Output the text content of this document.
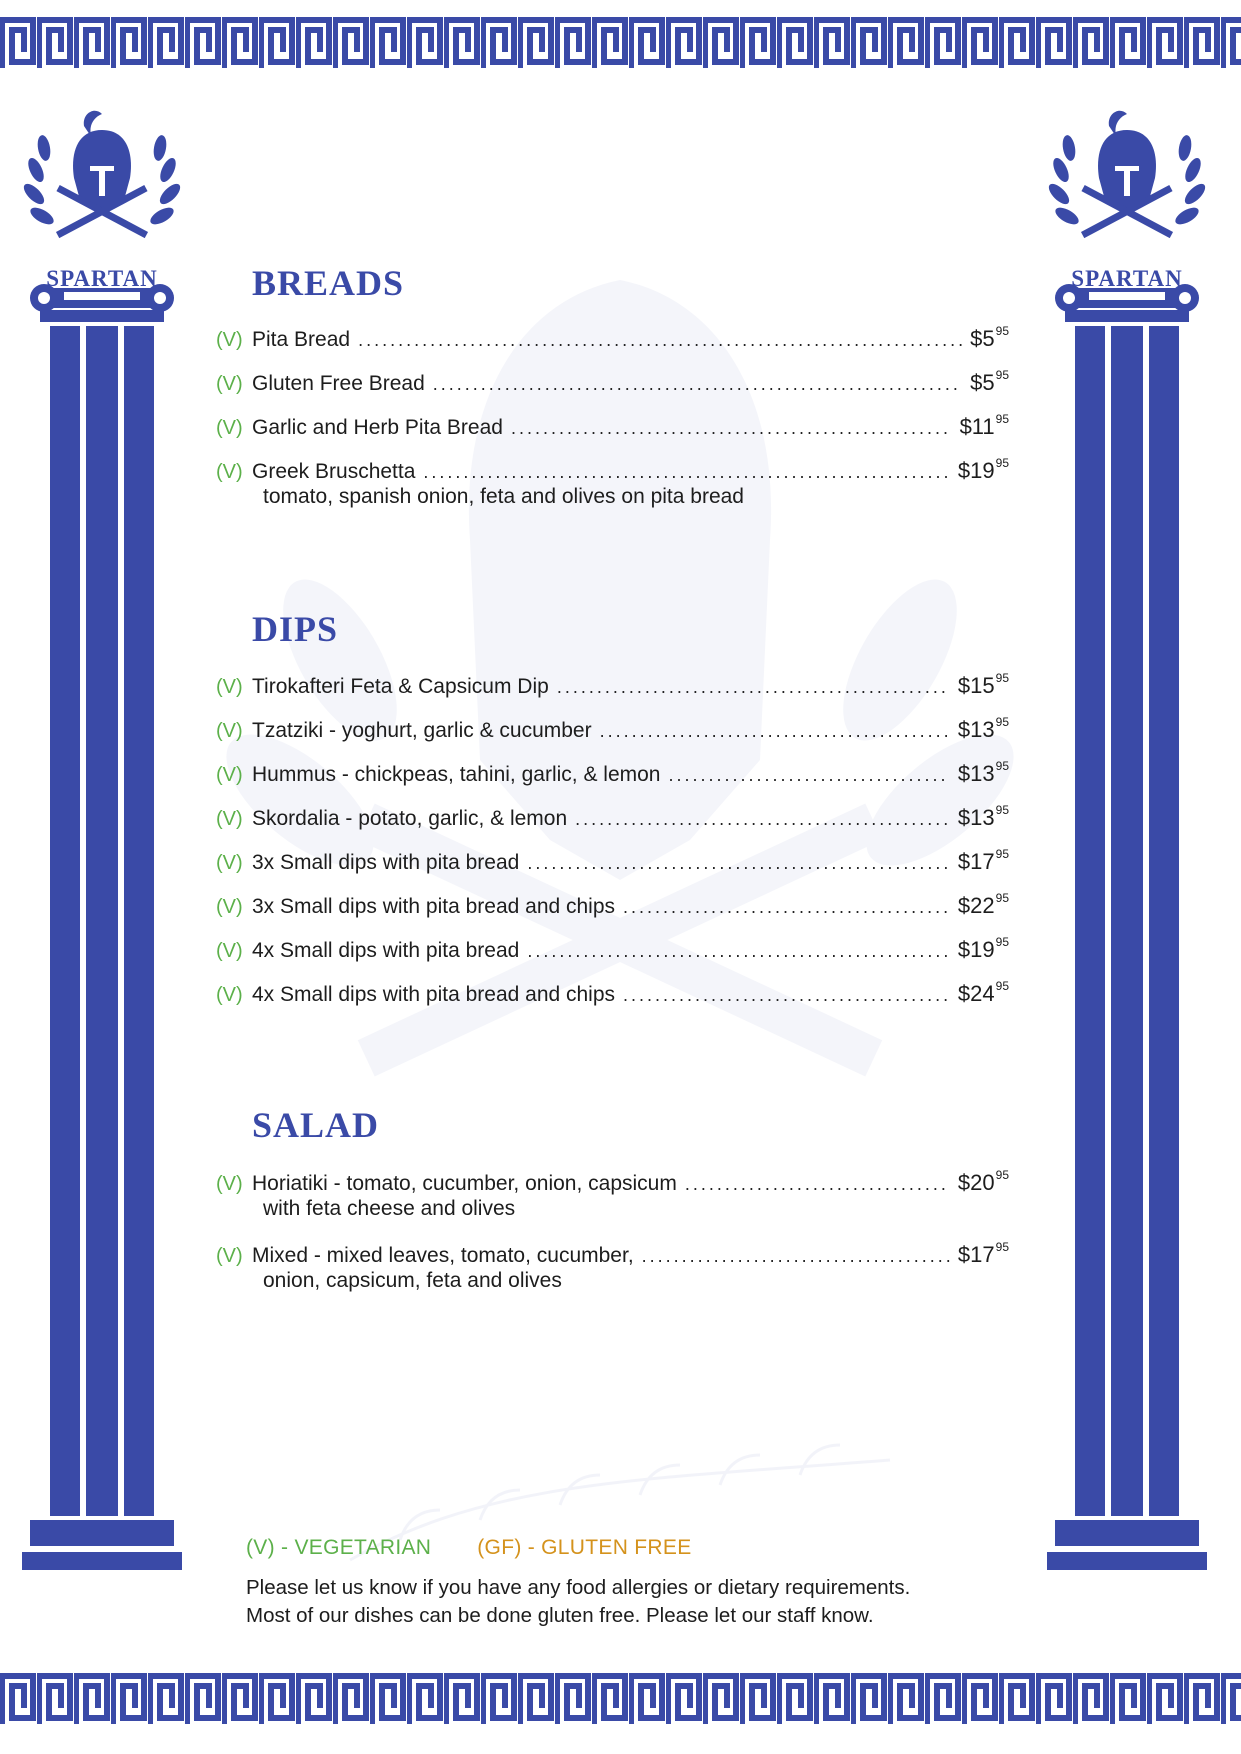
SPARTAN	SPARTAN
BREADS
(V) Pita Bread .....	$\$5^{95}$
(V) Gluten Free Bread .....	$\$5^{95}$
(V) Garlic and Herb Pita Bread .....	$\$11^{95}$
(V) Greek Bruschetta .....	$\$19^{95}$
tomato, spanish onion, feta and olives on pita bread
DIPS
(V) Tirokafteri Feta & Capsicum Dip .....	$\$15^{95}$
(V) Tzatziki - yoghurt, garlic & cucumber .....	$\$13^{95}$
(V) Hummus - chickpeas, tahini, garlic, & lemon .....	$\$13^{95}$
(V) Skordalia - potato, garlic, & lemon .....	$\$13^{95}$
(V) 3x Small dips with pita bread .....	$\$17^{95}$
(V) 3x Small dips with pita bread and chips .....	$\$22^{95}$
(V) 4x Small dips with pita bread .....	$\$19^{95}$
(V) 4x Small dips with pita bread and chips .....	$\$24^{95}$
SALAD
(V) Horiatiki - tomato, cucumber, onion, capsicum .....	$\$20^{95}$
with feta cheese and olives
(V) Mixed - mixed leaves, tomato, cucumber, .....	$\$17^{95}$
onion, capsicum, feta and olives
(V) - VEGETARIAN (GF) - GLUTEN FREE
Please let us know if you have any food allergies or dietary requirements.
Most of our dishes can be done gluten free. Please let our staff know.
